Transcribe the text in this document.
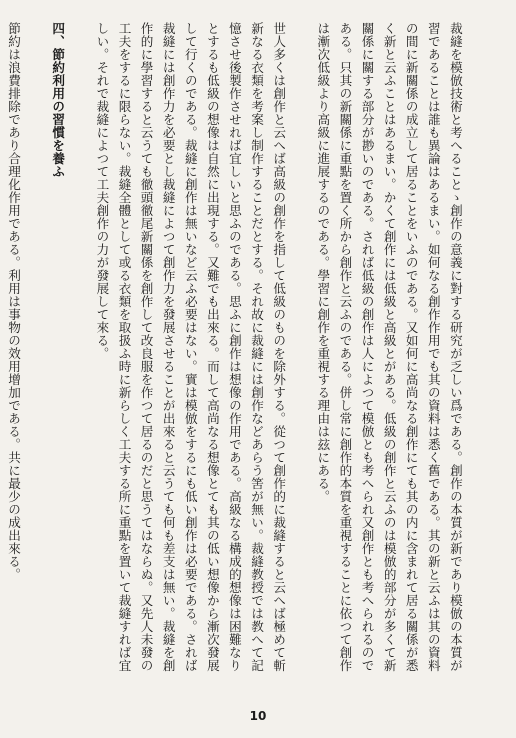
裁縫を模倣技術と考へることゝ創作の意義に對する研究が乏しい爲である。創作の本質が新であり模倣の本質が習であることは誰も異論はあるまい。如何なる創作作用でも其の資料は悉く舊である。其の新と云ふは其の資料の間に新關係の成立して居ることをいふのである。又如何に高尚なる創作にても其の内に含まれて居る關係が悉く新と云ふことはあるまい。かくて創作には低級と高級とがある。低級の創作と云ふのは模倣的部分が多くて新關係に關する部分が尠いのである。されば低級の創作は人によつて模倣とも考へられ又創作とも考へられるのである。只其の新關係に重點を置く所から創作と云ふのである。併し常に創作的本質を重視することに依つて創作は漸次低級より高級に進展するのである。學習に創作を重視する理由は玆にある。

世人多くは創作と云へば高級の創作を指して低級のものを除外する。從つて創作的に裁縫すると云へば極めて斬新なる衣類を考案し制作することだとする。それ故に裁縫には創作などあらう筈が無い。裁縫教授では教へて記憶させ後製作させれば宜しいと思ふのである。思ふに創作は想像の作用である。高級なる構成的想像は困難なりとするも低級の想像は自然に出現する。又難でも出來る。而して高尚なる想像とても其の低い想像から漸次發展して行くのである。裁縫に創作は無いなど云ふ必要はない。實は模倣をするにも低い創作は必要である。されば裁縫には創作力を必要とし裁縫によつて創作力を發展させることが出來ると云うても何も差支は無い。裁縫を創作的に學習すると云うても徹頭徹尾新關係を創作して改良服を作つて居るのだと思うてはならぬ。又先人未發の工夫をするに限らない。裁縫全體として或る衣類を取扱ふ時に新らしく工夫する所に重點を置いて裁縫すれば宜しい。それで裁縫によつて工夫創作の力が發展して來る。

四、節約利用の習慣を養ふ

節約は浪費排除であり合理化作用である。利用は事物の效用增加である。共に最少の成出來る。

10
